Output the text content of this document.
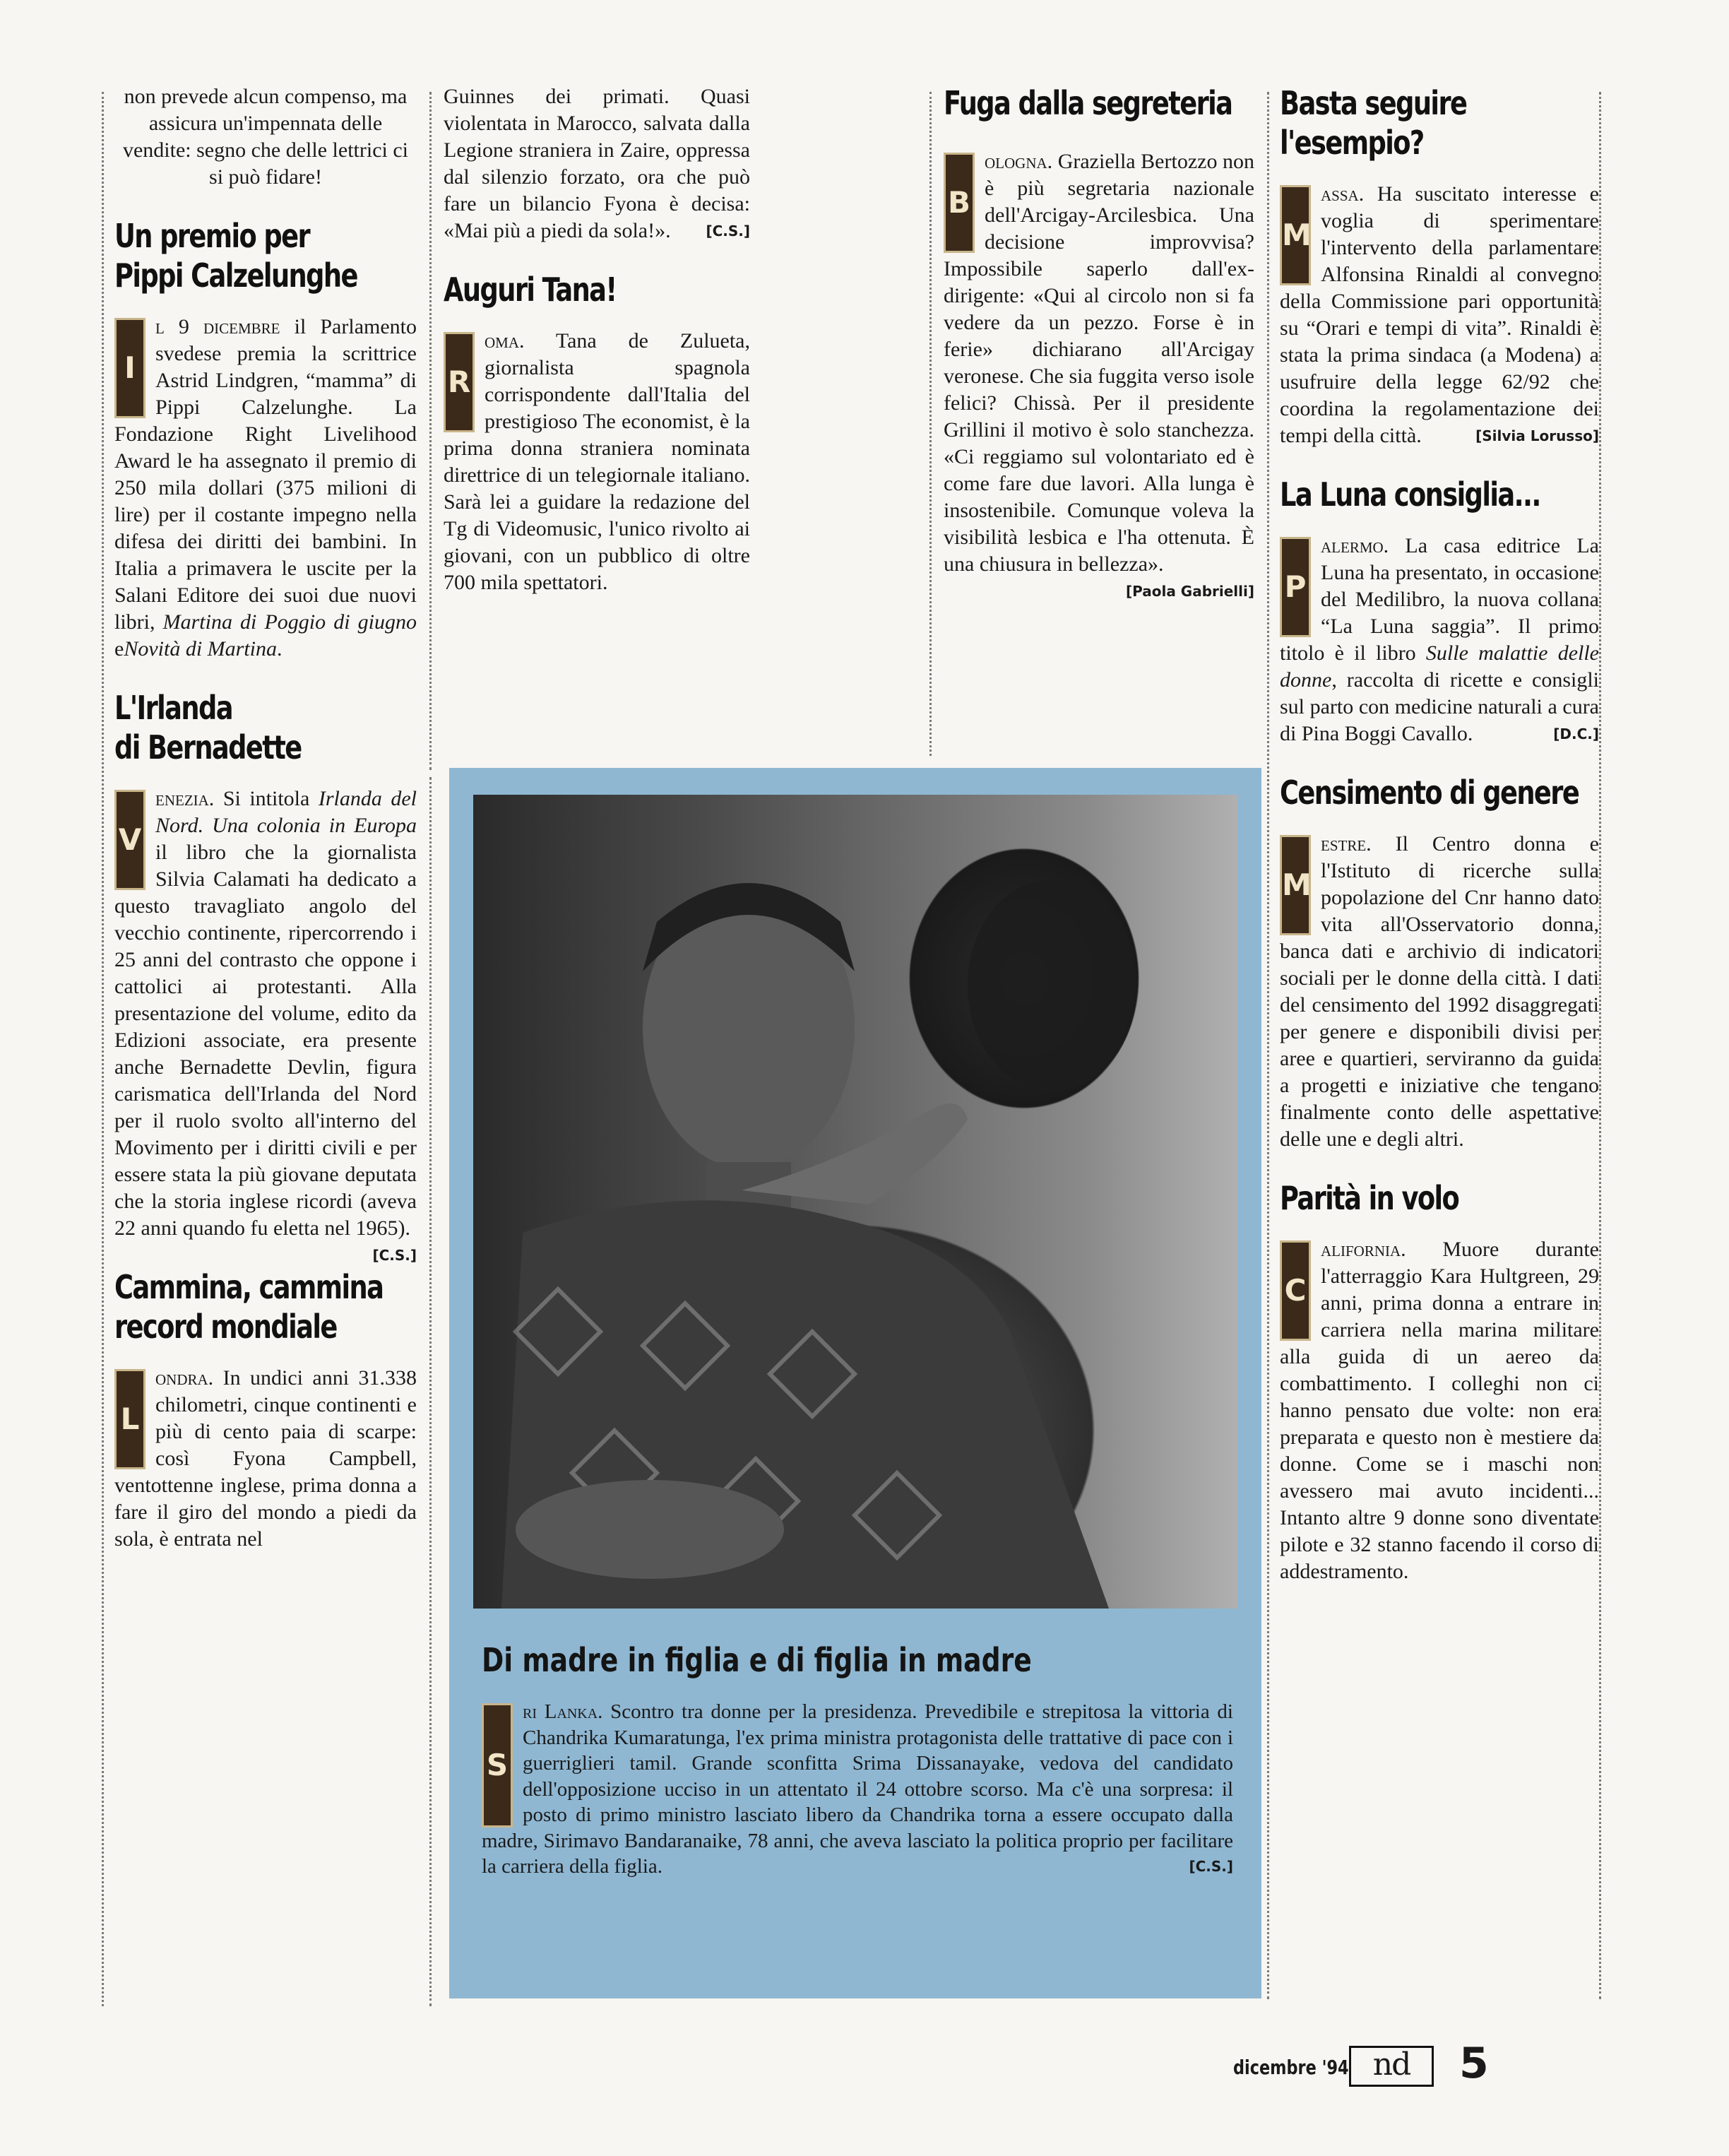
non prevede alcun compenso, ma assicura un'impennata delle vendite: segno che delle lettrici ci si può fidare!

Un premio per

Pippi Calzelunghe

I
l 9 dicembre il Parlamento svedese premia la scrittrice Astrid Lindgren, “mamma” di Pippi Calzelunghe. La Fondazione Right Livelihood Award le ha assegnato il premio di 250 mila dollari (375 milioni di lire) per il costante impegno nella difesa dei diritti dei bambini. In Italia a primavera le uscite per la Salani Editore dei suoi due nuovi libri, Martina di Poggio di giugno eNovità di Martina.

L'Irlanda

di Bernadette

V
enezia. Si intitola Irlanda del Nord. Una colonia in Europa il libro che la giornalista Silvia Calamati ha dedicato a questo travagliato angolo del vecchio continente, ripercorrendo i 25 anni del contrasto che oppone i cattolici ai protestanti. Alla presentazione del volume, edito da Edizioni associate, era presente anche Bernadette Devlin, figura carismatica dell'Irlanda del Nord per il ruolo svolto all'interno del Movimento per i diritti civili e per essere stata la più giovane deputata che la storia inglese ricordi (aveva 22 anni quando fu eletta nel 1965).
[C.S.]

Cammina, cammina

record mondiale

L
ondra. In undici anni 31.338 chilometri, cinque continenti e più di cento paia di scarpe: così Fyona Campbell, ventottenne inglese, prima donna a fare il giro del mondo a piedi da sola, è entrata nel

Guinnes dei primati. Quasi violentata in Marocco, salvata dalla Legione straniera in Zaire, oppressa dal silenzio forzato, ora che può fare un bilancio Fyona è decisa: «Mai più a piedi da sola!». [C.S.]

Auguri Tana!

R
oma. Tana de Zulueta, giornalista spagnola corrispondente dall'Italia del prestigioso The economist, è la prima donna straniera nominata direttrice di un telegiornale italiano. Sarà lei a guidare la redazione del Tg di Videomusic, l'unico rivolto ai giovani, con un pubblico di oltre 700 mila spettatori.

Fuga dalla segreteria

B
ologna. Graziella Bertozzo non è più segretaria nazionale dell'Arcigay-Arcilesbica. Una decisione improvvisa? Impossibile saperlo dall'ex-dirigente: «Qui al circolo non si fa vedere da un pezzo. Forse è in ferie» dichiarano all'Arcigay veronese. Che sia fuggita verso isole felici? Chissà. Per il presidente Grillini il motivo è solo stanchezza. «Ci reggiamo sul volontariato ed è come fare due lavori. Alla lunga è insostenibile. Comunque voleva la visibilità lesbica e l'ha ottenuta. È una chiusura in bellezza».
[Paola Gabrielli]

Basta seguire

l'esempio?

M
assa. Ha suscitato interesse e voglia di sperimentare l'intervento della parlamentare Alfonsina Rinaldi al convegno della Commissione pari opportunità su “Orari e tempi di vita”. Rinaldi è stata la prima sindaca (a Modena) a usufruire della legge 62/92 che coordina la regolamentazione dei tempi della città.	[Silvia Lorusso]

La Luna consiglia...

P
alermo. La casa editrice La Luna ha presentato, in occasione del Medilibro, la nuova collana “La Luna saggia”. Il primo titolo è il libro Sulle malattie delle donne, raccolta di ricette e consigli sul parto con medicine naturali a cura di Pina Boggi Cavallo.	[D.C.]

Censimento di genere

M
estre. Il Centro donna e l'Istituto di ricerche sulla popolazione del Cnr hanno dato vita all'Osservatorio donna, banca dati e archivio di indicatori sociali per le donne della città. I dati del censimento del 1992 disaggregati per genere e disponibili divisi per aree e quartieri, serviranno da guida a progetti e iniziative che tengano finalmente conto delle aspettative delle une e degli altri.

Parità in volo

C
alifornia. Muore durante l'atterraggio Kara Hultgreen, 29 anni, prima donna a entrare in carriera nella marina militare alla guida di un aereo da combattimento. I colleghi non ci hanno pensato due volte: non era preparata e questo non è mestiere da donne. Come se i maschi non avessero mai avuto incidenti... Intanto altre 9 donne sono diventate pilote e 32 stanno facendo il corso di addestramento.

Di madre in figlia e di figlia in madre

S
ri Lanka. Scontro tra donne per la presidenza. Prevedibile e strepitosa la vittoria di Chandrika Kumaratunga, l'ex prima ministra protagonista delle trattative di pace con i guerriglieri tamil. Grande sconfitta Srima Dissanayake, vedova del candidato dell'opposizione ucciso in un attentato il 24 ottobre scorso. Ma c'è una sorpresa: il posto di primo ministro lasciato libero da Chandrika torna a essere occupato dalla madre, Sirimavo Bandaranaike, 78 anni, che aveva lasciato la politica proprio per facilitare la carriera della figlia.	[C.S.]

dicembre '94 nd	5
